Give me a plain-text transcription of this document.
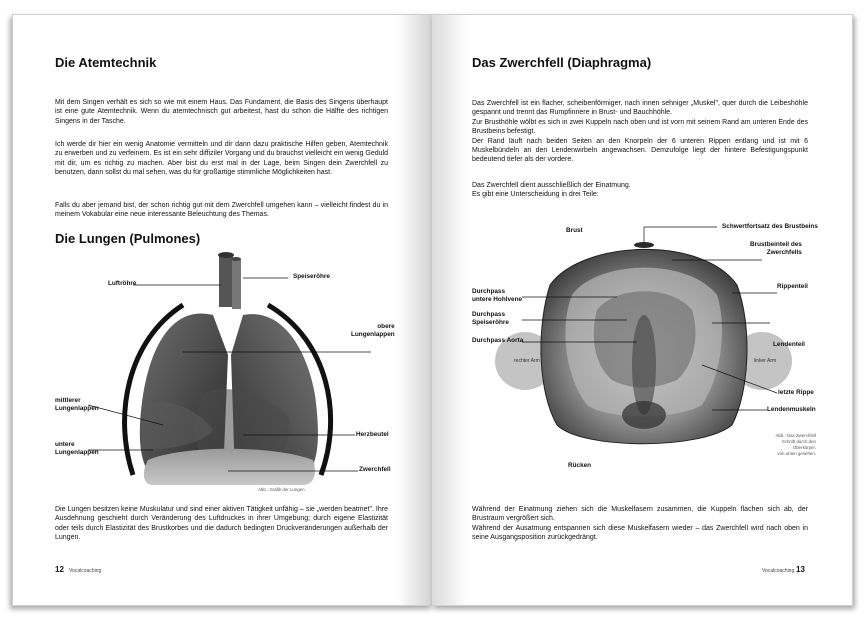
Die Atemtechnik
Mit dem Singen verhält es sich so wie mit einem Haus. Das Fundament, die Basis des Singens überhaupt ist eine gute Atemtechnik. Wenn du atemtechnisch gut arbeitest, hast du schon die Hälfte des richtigen Singens in der Tasche.
Ich werde dir hier ein wenig Anatomie vermitteln und dir dann dazu praktische Hilfen geben, Atemtechnik zu erwerben und zu verfeinern. Es ist ein sehr diffiziler Vorgang und du brauchst vielleicht ein wenig Geduld mit dir, um es richtig zu machen. Aber bist du erst mal in der Lage, beim Singen dein Zwerchfell zu benutzen, dann sollst du mal sehen, was du für großartige stimmliche Möglichkeiten hast.
Falls du aber jemand bist, der schon richtig gut mit dem Zwerchfell umgehen kann – vielleicht findest du in meinem Vokabular eine neue interessante Beleuchtung des Themas.
Die Lungen (Pulmones)
Luftröhre
Speiseröhre
obere
Lungenlappen
mittlerer
Lungenlappen
Herzbeutel
untere
Lungenlappen
Zwerchfell
Abb.: Grafik der Lungen
Die Lungen besitzen keine Muskulatur und sind einer aktiven Tätigkeit unfähig – sie „werden beatmet". Ihre Ausdehnung geschieht durch Veränderung des Luftdruckes in ihrer Umgebung; durch eigene Elastizität oder teils durch Elastizität des Brustkorbes und die dadurch bedingten Druckveränderungen außerhalb der Lungen.
12 Vocalcoaching
Das Zwerchfell (Diaphragma)
Das Zwerchfell ist ein flacher, scheibenförmiger, nach innen sehniger „Muskel", quer durch die Leibeshöhle gespannt und trennt das Rumpfinnere in Brust- und Bauchhöhle.
Zur Brusthöhle wölbt es sich in zwei Kuppeln nach oben und ist vorn mit seinem Rand am unteren Ende des Brustbeins befestigt.
Der Rand läuft nach beiden Seiten an den Knorpeln der 6 unteren Rippen entlang und ist mit 6 Muskelbündeln an den Lendenwirbeln angewachsen. Demzufolge liegt der hintere Befestigungspunkt bedeutend tiefer als der vordere.
Das Zwerchfell dient ausschließlich der Einatmung.
Es gibt eine Unterscheidung in drei Teile:
Brust
Schwertfortsatz des Brustbeins
Brustbeinteil des
Zwerchfells
Rippenteil
Durchpass
untere Hohlvene
Durchpass
Speiseröhre
Durchpass Aorta
Lendenteil
rechter Arm	linker Arm
letzte Rippe
Lendenmuskeln
Abb.: Das Zwerchfell
Schnitt durch den Oberkörper,
von unten gesehen.
Rücken
Während der Einatmung ziehen sich die Muskelfasern zusammen, die Kuppeln flachen sich ab, der Brustraum vergrößert sich.
Während der Ausatmung entspannen sich diese Muskelfasern wieder – das Zwerchfell wird nach oben in seine Ausgangsposition zurückgedrängt.
Vocalcoaching 13
